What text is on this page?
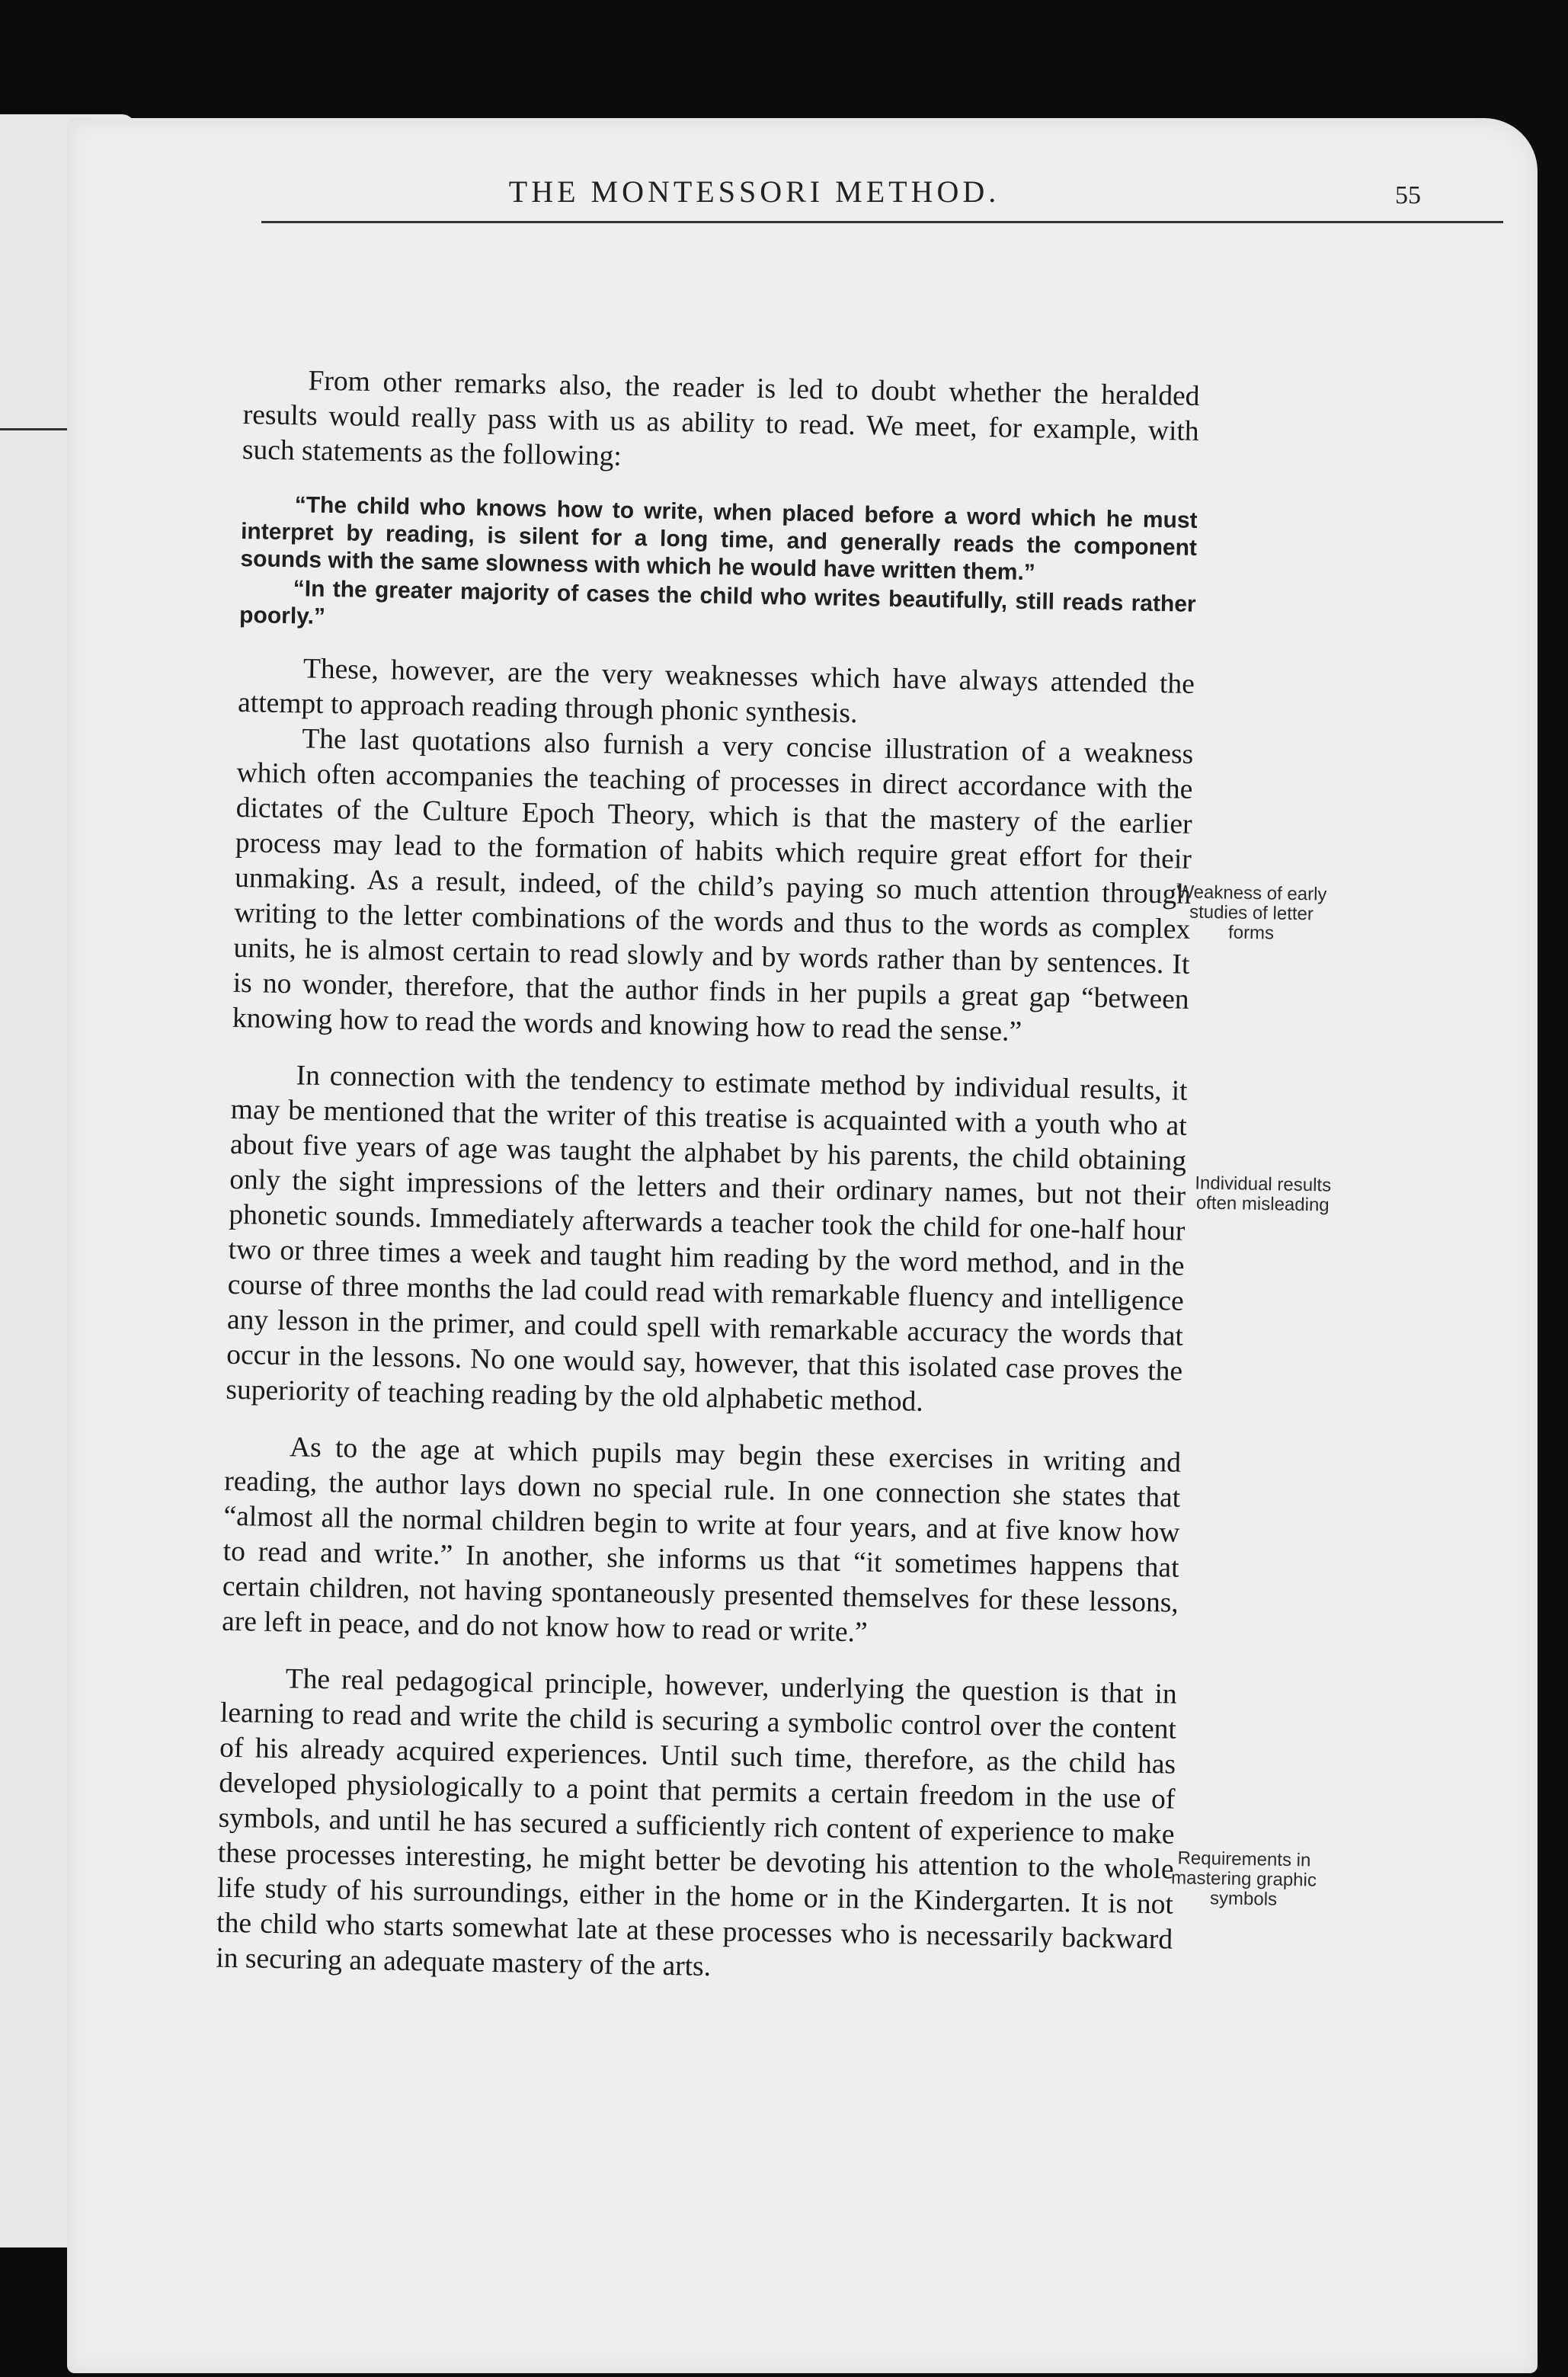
THE MONTESSORI METHOD.	55

From other remarks also, the reader is led to doubt whether the heralded results would really pass with us as ability to read. We meet, for example, with such statements as the following:

“The child who knows how to write, when placed before a word which he must interpret by reading, is silent for a long time, and generally reads the component sounds with the same slowness with which he would have written them.”

“In the greater majority of cases the child who writes beautifully, still reads rather poorly.”

These, however, are the very weaknesses which have always attended the attempt to approach reading through phonic synthesis.

The last quotations also furnish a very concise illustration of a weakness which often accompanies the teaching of processes in direct accordance with the dictates of the Culture Epoch Theory, which is that the mastery of the earlier process may lead to the formation of habits which require great effort for their unmaking. As a result, indeed, of the child’s paying so much attention through writing to the letter combinations of the words and thus to the words as complex units, he is almost certain to read slowly and by words rather than by sentences. It is no wonder, therefore, that the author finds in her pupils a great gap “between knowing how to read the words and knowing how to read the sense.”

In connection with the tendency to estimate method by individual results, it may be mentioned that the writer of this treatise is acquainted with a youth who at about five years of age was taught the alphabet by his parents, the child obtaining only the sight impressions of the letters and their ordinary names, but not their phonetic sounds. Immediately afterwards a teacher took the child for one-half hour two or three times a week and taught him reading by the word method, and in the course of three months the lad could read with remarkable fluency and intelligence any lesson in the primer, and could spell with remarkable accuracy the words that occur in the lessons. No one would say, however, that this isolated case proves the superiority of teaching reading by the old alphabetic method.

As to the age at which pupils may begin these exercises in writing and reading, the author lays down no special rule. In one connection she states that “almost all the normal children begin to write at four years, and at five know how to read and write.” In another, she informs us that “it sometimes happens that certain children, not having spontaneously presented themselves for these lessons, are left in peace, and do not know how to read or write.”

The real pedagogical principle, however, underlying the question is that in learning to read and write the child is securing a symbolic control over the content of his already acquired experiences. Until such time, therefore, as the child has developed physiologically to a point that permits a certain freedom in the use of symbols, and until he has secured a sufficiently rich content of experience to make these processes interesting, he might better be devoting his attention to the whole life study of his surroundings, either in the home or in the Kindergarten. It is not the child who starts somewhat late at these processes who is necessarily backward in securing an adequate mastery of the arts.

Weakness of early studies of letter forms
Individual results often misleading
Requirements in mastering graphic symbols
